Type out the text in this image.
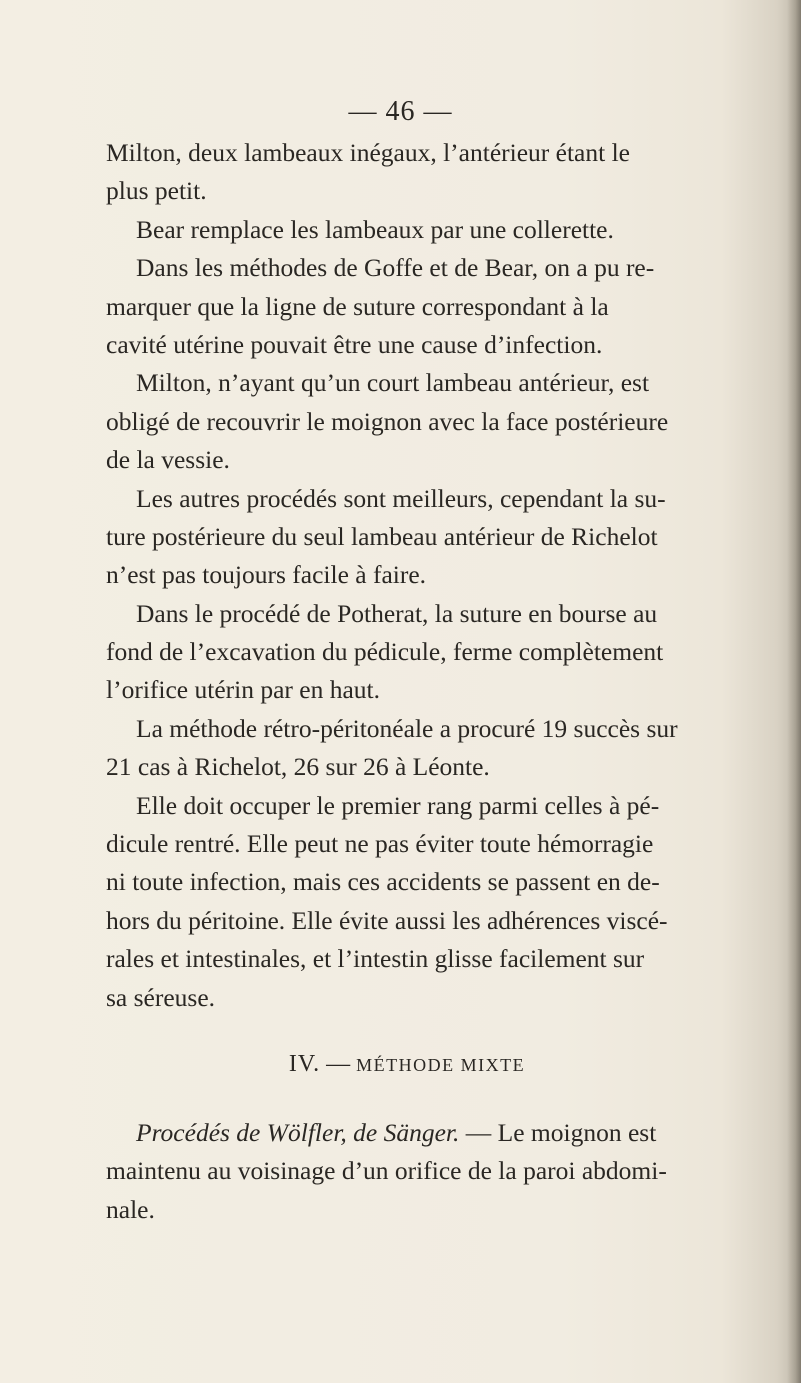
— 46 —
Milton, deux lambeaux inégaux, l’antérieur étant le
plus petit.
Bear remplace les lambeaux par une collerette.
Dans les méthodes de Goffe et de Bear, on a pu re-
marquer que la ligne de suture correspondant à la
cavité utérine pouvait être une cause d’infection.
Milton, n’ayant qu’un court lambeau antérieur, est
obligé de recouvrir le moignon avec la face postérieure
de la vessie.
Les autres procédés sont meilleurs, cependant la su-
ture postérieure du seul lambeau antérieur de Richelot
n’est pas toujours facile à faire.
Dans le procédé de Potherat, la suture en bourse au
fond de l’excavation du pédicule, ferme complètement
l’orifice utérin par en haut.
La méthode rétro-péritonéale a procuré 19 succès sur
21 cas à Richelot, 26 sur 26 à Léonte.
Elle doit occuper le premier rang parmi celles à pé-
dicule rentré. Elle peut ne pas éviter toute hémorragie
ni toute infection, mais ces accidents se passent en de-
hors du péritoine. Elle évite aussi les adhérences viscé-
rales et intestinales, et l’intestin glisse facilement sur
sa séreuse.
IV. — MÉTHODE MIXTE
Procédés de Wölfler, de Sänger. — Le moignon est
maintenu au voisinage d’un orifice de la paroi abdomi-
nale.
